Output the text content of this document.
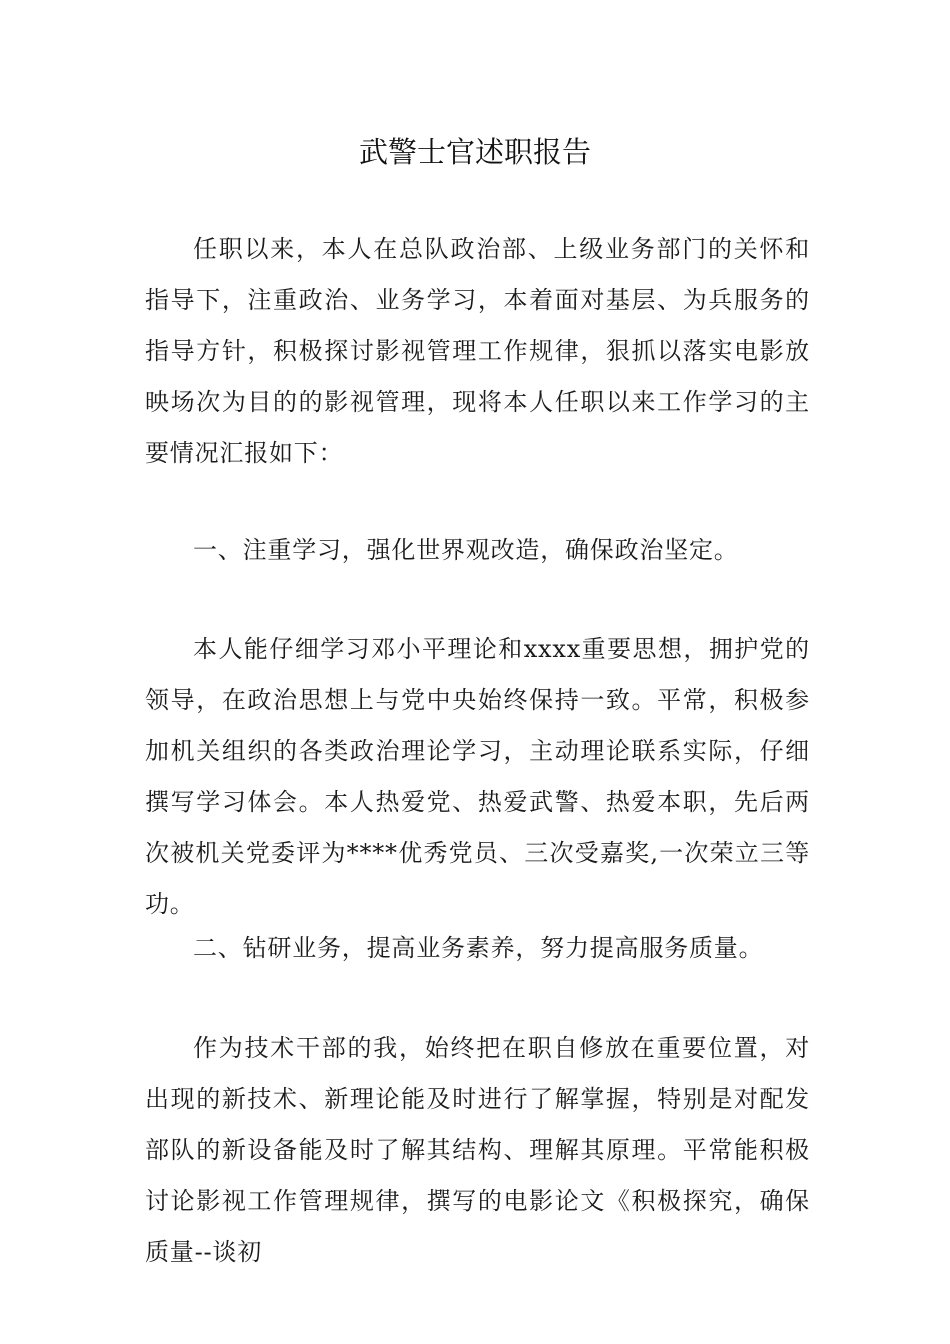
武警士官述职报告

任职以来，本人在总队政治部、上级业务部门的关怀和指导下，注重政治、业务学习，本着面对基层、为兵服务的指导方针，积极探讨影视管理工作规律，狠抓以落实电影放映场次为目的的影视管理，现将本人任职以来工作学习的主要情况汇报如下：

一、注重学习，强化世界观改造，确保政治坚定。

本人能仔细学习邓小平理论和xxxx重要思想，拥护党的领导，在政治思想上与党中央始终保持一致。平常，积极参加机关组织的各类政治理论学习，主动理论联系实际，仔细撰写学习体会。本人热爱党、热爱武警、热爱本职，先后两次被机关党委评为****优秀党员、三次受嘉奖,一次荣立三等功。

二、钻研业务，提高业务素养，努力提高服务质量。

作为技术干部的我，始终把在职自修放在重要位置，对出现的新技术、新理论能及时进行了解掌握，特别是对配发部队的新设备能及时了解其结构、理解其原理。平常能积极讨论影视工作管理规律，撰写的电影论文《积极探究，确保质量--谈初
